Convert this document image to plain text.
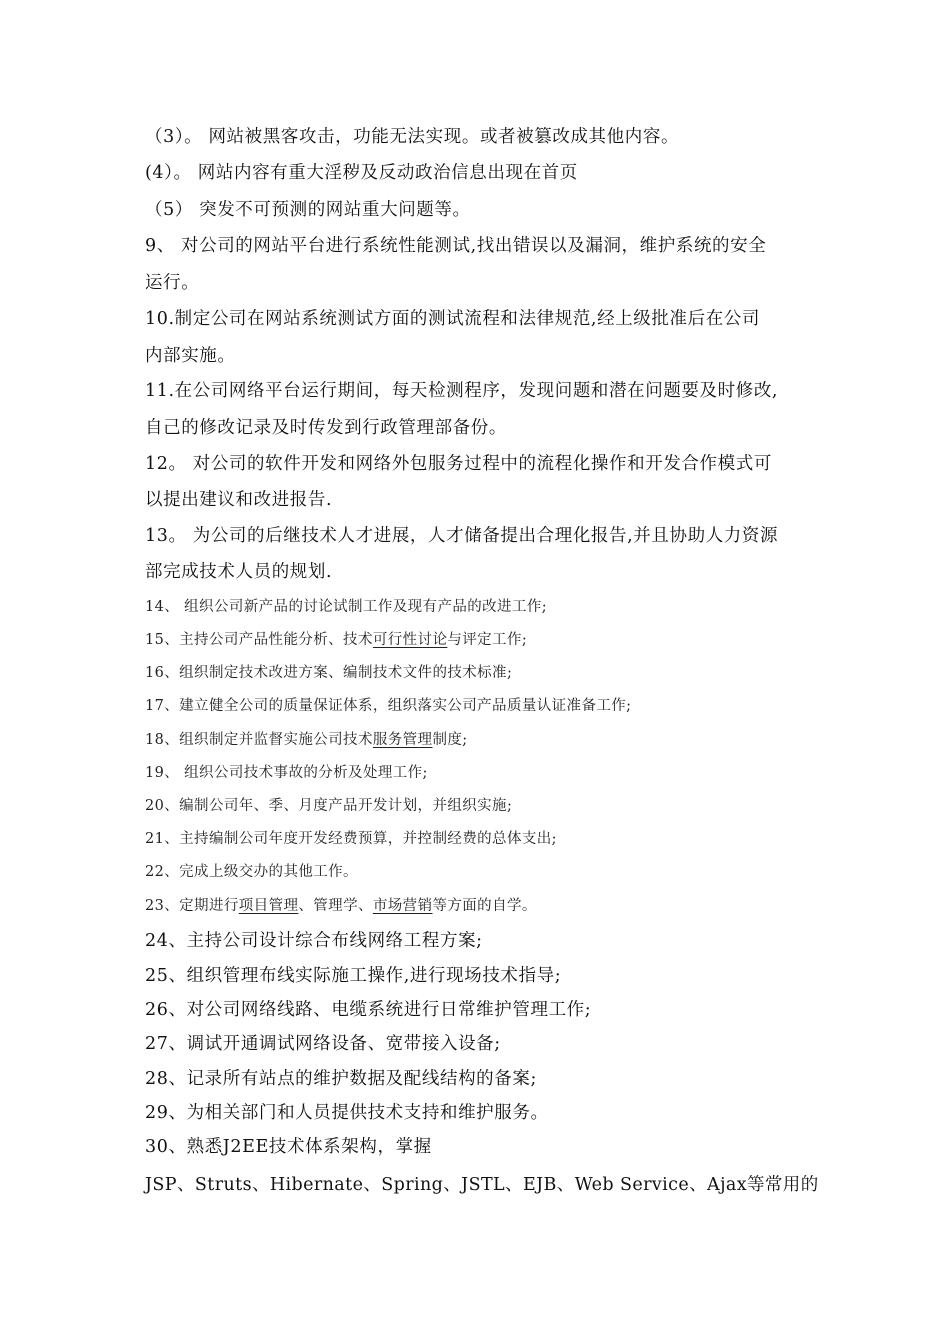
（3）。 网站被黑客攻击，功能无法实现。或者被篡改成其他内容。
(4）。 网站内容有重大淫秽及反动政治信息出现在首页
（5） 突发不可预测的网站重大问题等。
9、 对公司的网站平台进行系统性能测试,找出错误以及漏洞，维护系统的安全
运行。
10.制定公司在网站系统测试方面的测试流程和法律规范,经上级批准后在公司
内部实施。
11.在公司网络平台运行期间，每天检测程序，发现问题和潜在问题要及时修改,
自己的修改记录及时传发到行政管理部备份。
12。 对公司的软件开发和网络外包服务过程中的流程化操作和开发合作模式可
以提出建议和改进报告.
13。 为公司的后继技术人才进展，人才储备提出合理化报告,并且协助人力资源
部完成技术人员的规划.
14、 组织公司新产品的讨论试制工作及现有产品的改进工作;
15、主持公司产品性能分析、技术可行性讨论与评定工作;
16、组织制定技术改进方案、编制技术文件的技术标准;
17、建立健全公司的质量保证体系，组织落实公司产品质量认证准备工作;
18、组织制定并监督实施公司技术服务管理制度;
19、 组织公司技术事故的分析及处理工作;
20、编制公司年、季、月度产品开发计划，并组织实施;
21、主持编制公司年度开发经费预算，并控制经费的总体支出;
22、完成上级交办的其他工作。
23、定期进行项目管理、管理学、市场营销等方面的自学。
24、主持公司设计综合布线网络工程方案;
25、组织管理布线实际施工操作,进行现场技术指导;
26、对公司网络线路、电缆系统进行日常维护管理工作;
27、调试开通调试网络设备、宽带接入设备;
28、记录所有站点的维护数据及配线结构的备案;
29、为相关部门和人员提供技术支持和维护服务。
30、熟悉J2EE技术体系架构，掌握
JSP、Struts、Hibernate、Spring、JSTL、EJB、Web Service、Ajax等常用的
